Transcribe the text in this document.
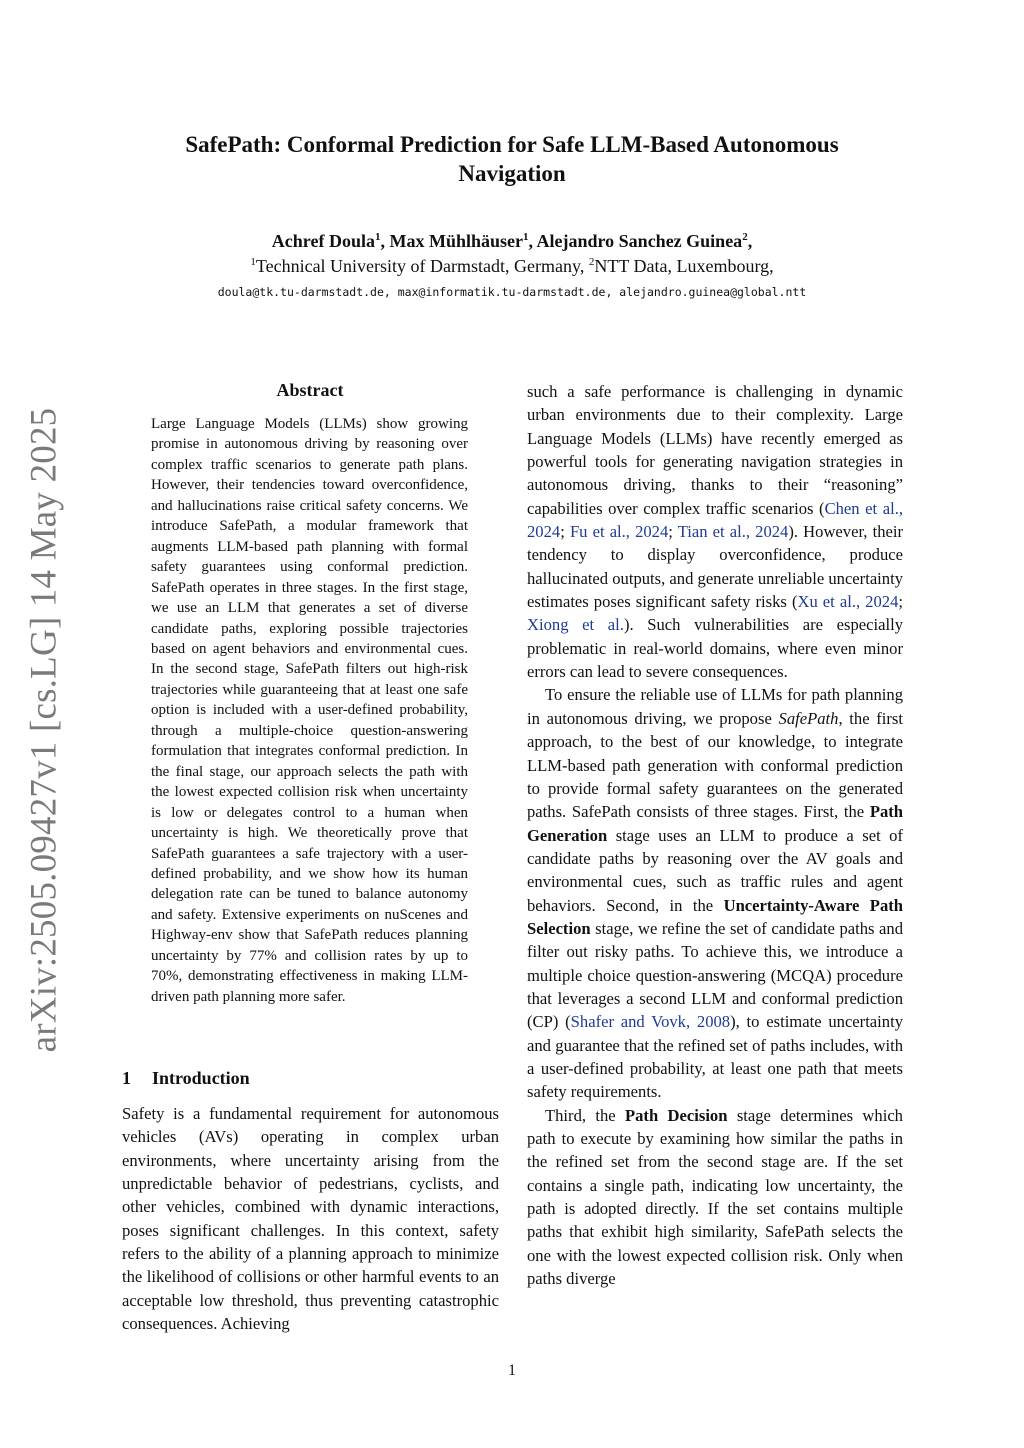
arXiv:2505.09427v1 [cs.LG] 14 May 2025
SafePath: Conformal Prediction for Safe LLM-Based Autonomous
Navigation
Achref Doula$^1$, Max Mühlhäuser$^1$, Alejandro Sanchez Guinea$^2$,
$^1$Technical University of Darmstadt, Germany, $^2$NTT Data, Luxembourg,
doula@tk.tu-darmstadt.de, max@informatik.tu-darmstadt.de, alejandro.guinea@global.ntt
Abstract
Large Language Models (LLMs) show growing promise in autonomous driving by reasoning over complex traffic scenarios to generate path plans. However, their tendencies toward overconfidence, and hallucinations raise critical safety concerns. We introduce SafePath, a modular framework that augments LLM-based path planning with formal safety guarantees using conformal prediction. SafePath operates in three stages. In the first stage, we use an LLM that generates a set of diverse candidate paths, exploring possible trajectories based on agent behaviors and environmental cues. In the second stage, SafePath filters out high-risk trajectories while guaranteeing that at least one safe option is included with a user-defined probability, through a multiple-choice question-answering formulation that integrates conformal prediction. In the final stage, our approach selects the path with the lowest expected collision risk when uncertainty is low or delegates control to a human when uncertainty is high. We theoretically prove that SafePath guarantees a safe trajectory with a user-defined probability, and we show how its human delegation rate can be tuned to balance autonomy and safety. Extensive experiments on nuScenes and Highway-env show that SafePath reduces planning uncertainty by 77% and collision rates by up to 70%, demonstrating effectiveness in making LLM-driven path planning more safer.
1 Introduction
Safety is a fundamental requirement for autonomous vehicles (AVs) operating in complex urban environments, where uncertainty arising from the unpredictable behavior of pedestrians, cyclists, and other vehicles, combined with dynamic interactions, poses significant challenges. In this context, safety refers to the ability of a planning approach to minimize the likelihood of collisions or other harmful events to an acceptable low threshold, thus preventing catastrophic consequences. Achieving

such a safe performance is challenging in dynamic urban environments due to their complexity. Large Language Models (LLMs) have recently emerged as powerful tools for generating navigation strategies in autonomous driving, thanks to their “reasoning” capabilities over complex traffic scenarios (Chen et al., 2024; Fu et al., 2024; Tian et al., 2024). However, their tendency to display overconfidence, produce hallucinated outputs, and generate unreliable uncertainty estimates poses significant safety risks (Xu et al., 2024; Xiong et al.). Such vulnerabilities are especially problematic in real-world domains, where even minor errors can lead to severe consequences.

To ensure the reliable use of LLMs for path planning in autonomous driving, we propose SafePath, the first approach, to the best of our knowledge, to integrate LLM-based path generation with conformal prediction to provide formal safety guarantees on the generated paths. SafePath consists of three stages. First, the Path Generation stage uses an LLM to produce a set of candidate paths by reasoning over the AV goals and environmental cues, such as traffic rules and agent behaviors. Second, in the Uncertainty-Aware Path Selection stage, we refine the set of candidate paths and filter out risky paths. To achieve this, we introduce a multiple choice question-answering (MCQA) procedure that leverages a second LLM and conformal prediction (CP) (Shafer and Vovk, 2008), to estimate uncertainty and guarantee that the refined set of paths includes, with a user-defined probability, at least one path that meets safety requirements.

Third, the Path Decision stage determines which path to execute by examining how similar the paths in the refined set from the second stage are. If the set contains a single path, indicating low uncertainty, the path is adopted directly. If the set contains multiple paths that exhibit high similarity, SafePath selects the one with the lowest expected collision risk. Only when paths diverge

1
